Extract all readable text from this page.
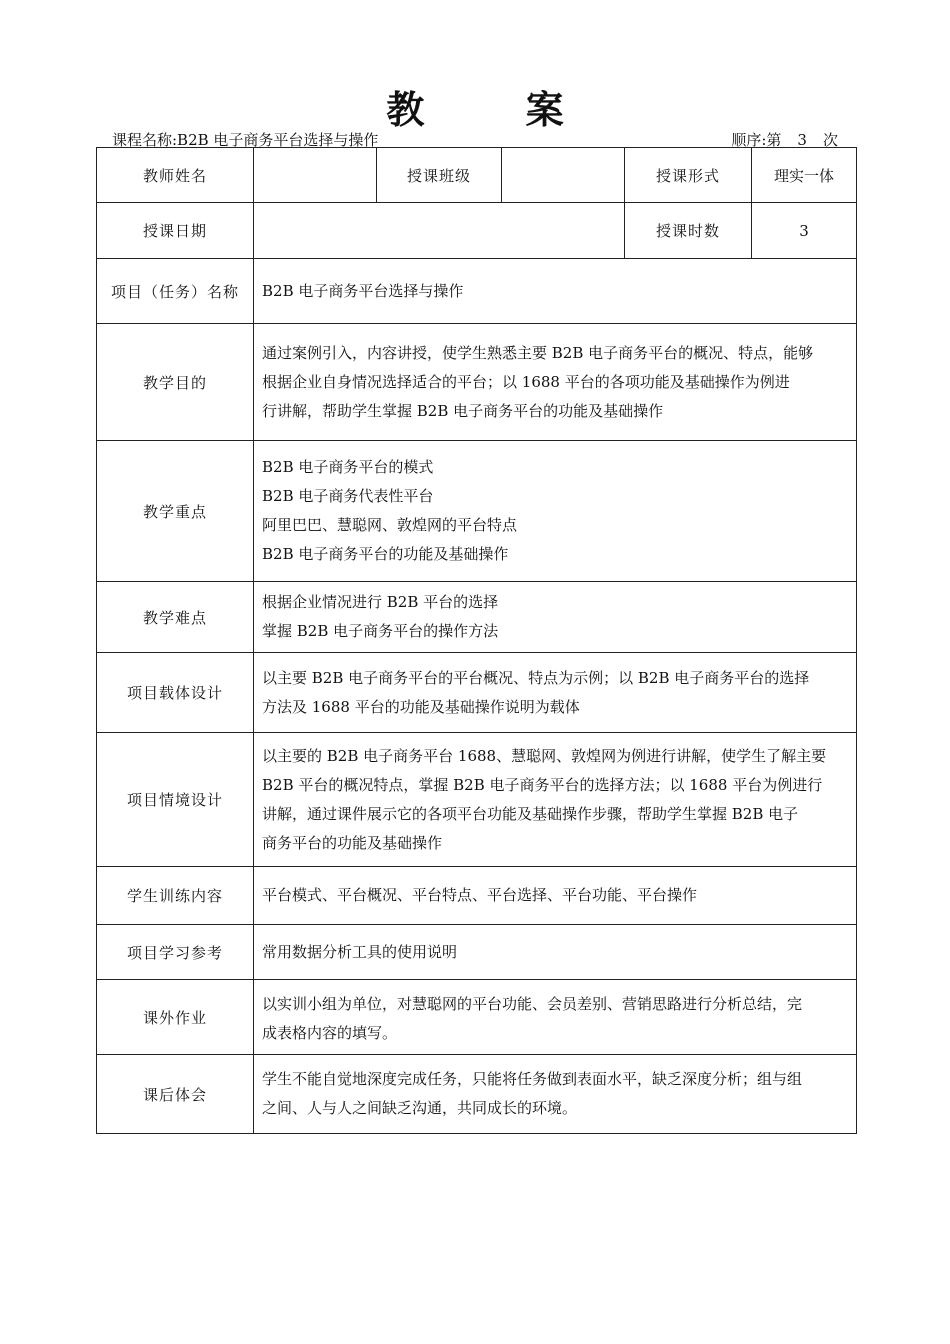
教 案
课程名称:B2B 电子商务平台选择与操作	顺序:第 3 次
教师姓名		授课班级		授课形式	理实一体
授课日期				授课时数	3
项目（任务）名称	B2B 电子商务平台选择与操作				

教学目的	通过案例引入，内容讲授，使学生熟悉主要 B2B 电子商务平台的概况、特点，能够
根据企业自身情况选择适合的平台；以 1688 平台的各项功能及基础操作为例进
行讲解，帮助学生掌握 B2B 电子商务平台的功能及基础操作				

教学重点	B2B 电子商务平台的模式
B2B 电子商务代表性平台
阿里巴巴、慧聪网、敦煌网的平台特点
B2B 电子商务平台的功能及基础操作				

教学难点	根据企业情况进行 B2B 平台的选择
掌握 B2B 电子商务平台的操作方法				

项目载体设计	以主要 B2B 电子商务平台的平台概况、特点为示例；以 B2B 电子商务平台的选择
方法及 1688 平台的功能及基础操作说明为载体				

项目情境设计	以主要的 B2B 电子商务平台 1688、慧聪网、敦煌网为例进行讲解，使学生了解主要
B2B 平台的概况特点，掌握 B2B 电子商务平台的选择方法；以 1688 平台为例进行
讲解，通过课件展示它的各项平台功能及基础操作步骤，帮助学生掌握 B2B 电子
商务平台的功能及基础操作				

学生训练内容	平台模式、平台概况、平台特点、平台选择、平台功能、平台操作				

项目学习参考	常用数据分析工具的使用说明				

课外作业	以实训小组为单位，对慧聪网的平台功能、会员差别、营销思路进行分析总结，完
成表格内容的填写。				

课后体会	学生不能自觉地深度完成任务，只能将任务做到表面水平，缺乏深度分析；组与组
之间、人与人之间缺乏沟通，共同成长的环境。				
